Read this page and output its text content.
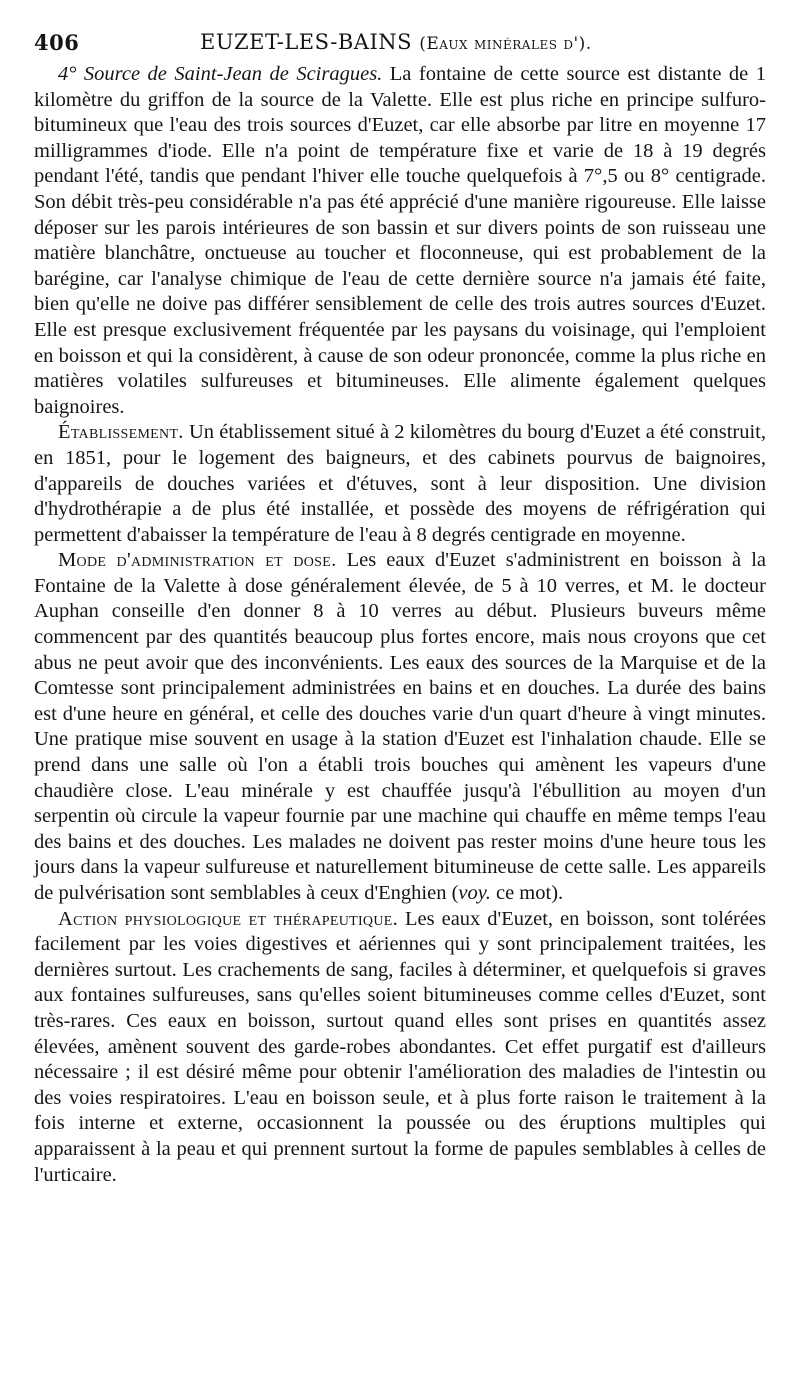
406	EUZET-LES-BAINS (Eaux minérales d').

4° Source de Saint-Jean de Sciragues. La fontaine de cette source est distante de 1 kilomètre du griffon de la source de la Valette. Elle est plus riche en principe sulfuro-bitumineux que l'eau des trois sources d'Euzet, car elle absorbe par litre en moyenne 17 milligrammes d'iode. Elle n'a point de température fixe et varie de 18 à 19 degrés pendant l'été, tandis que pendant l'hiver elle touche quelquefois à 7°,5 ou 8° centigrade. Son débit très-peu considérable n'a pas été apprécié d'une manière rigoureuse. Elle laisse déposer sur les parois intérieures de son bassin et sur divers points de son ruisseau une matière blanchâtre, onctueuse au toucher et floconneuse, qui est probablement de la barégine, car l'analyse chimique de l'eau de cette dernière source n'a jamais été faite, bien qu'elle ne doive pas différer sensiblement de celle des trois autres sources d'Euzet. Elle est presque exclusivement fréquentée par les paysans du voisinage, qui l'emploient en boisson et qui la considèrent, à cause de son odeur prononcée, comme la plus riche en matières volatiles sulfureuses et bitumineuses. Elle alimente également quelques baignoires.

Établissement. Un établissement situé à 2 kilomètres du bourg d'Euzet a été construit, en 1851, pour le logement des baigneurs, et des cabinets pourvus de baignoires, d'appareils de douches variées et d'étuves, sont à leur disposition. Une division d'hydrothérapie a de plus été installée, et possède des moyens de réfrigération qui permettent d'abaisser la température de l'eau à 8 degrés centigrade en moyenne.

Mode d'administration et dose. Les eaux d'Euzet s'administrent en boisson à la Fontaine de la Valette à dose généralement élevée, de 5 à 10 verres, et M. le docteur Auphan conseille d'en donner 8 à 10 verres au début. Plusieurs buveurs même commencent par des quantités beaucoup plus fortes encore, mais nous croyons que cet abus ne peut avoir que des inconvénients. Les eaux des sources de la Marquise et de la Comtesse sont principalement administrées en bains et en douches. La durée des bains est d'une heure en général, et celle des douches varie d'un quart d'heure à vingt minutes. Une pratique mise souvent en usage à la station d'Euzet est l'inhalation chaude. Elle se prend dans une salle où l'on a établi trois bouches qui amènent les vapeurs d'une chaudière close. L'eau minérale y est chauffée jusqu'à l'ébullition au moyen d'un serpentin où circule la vapeur fournie par une machine qui chauffe en même temps l'eau des bains et des douches. Les malades ne doivent pas rester moins d'une heure tous les jours dans la vapeur sulfureuse et naturellement bitumineuse de cette salle. Les appareils de pulvérisation sont semblables à ceux d'Enghien (voy. ce mot).

Action physiologique et thérapeutique. Les eaux d'Euzet, en boisson, sont tolérées facilement par les voies digestives et aériennes qui y sont principalement traitées, les dernières surtout. Les crachements de sang, faciles à déterminer, et quelquefois si graves aux fontaines sulfureuses, sans qu'elles soient bitumineuses comme celles d'Euzet, sont très-rares. Ces eaux en boisson, surtout quand elles sont prises en quantités assez élevées, amènent souvent des garde-robes abondantes. Cet effet purgatif est d'ailleurs nécessaire ; il est désiré même pour obtenir l'amélioration des maladies de l'intestin ou des voies respiratoires. L'eau en boisson seule, et à plus forte raison le traitement à la fois interne et externe, occasionnent la poussée ou des éruptions multiples qui apparaissent à la peau et qui prennent surtout la forme de papules semblables à celles de l'urticaire.
